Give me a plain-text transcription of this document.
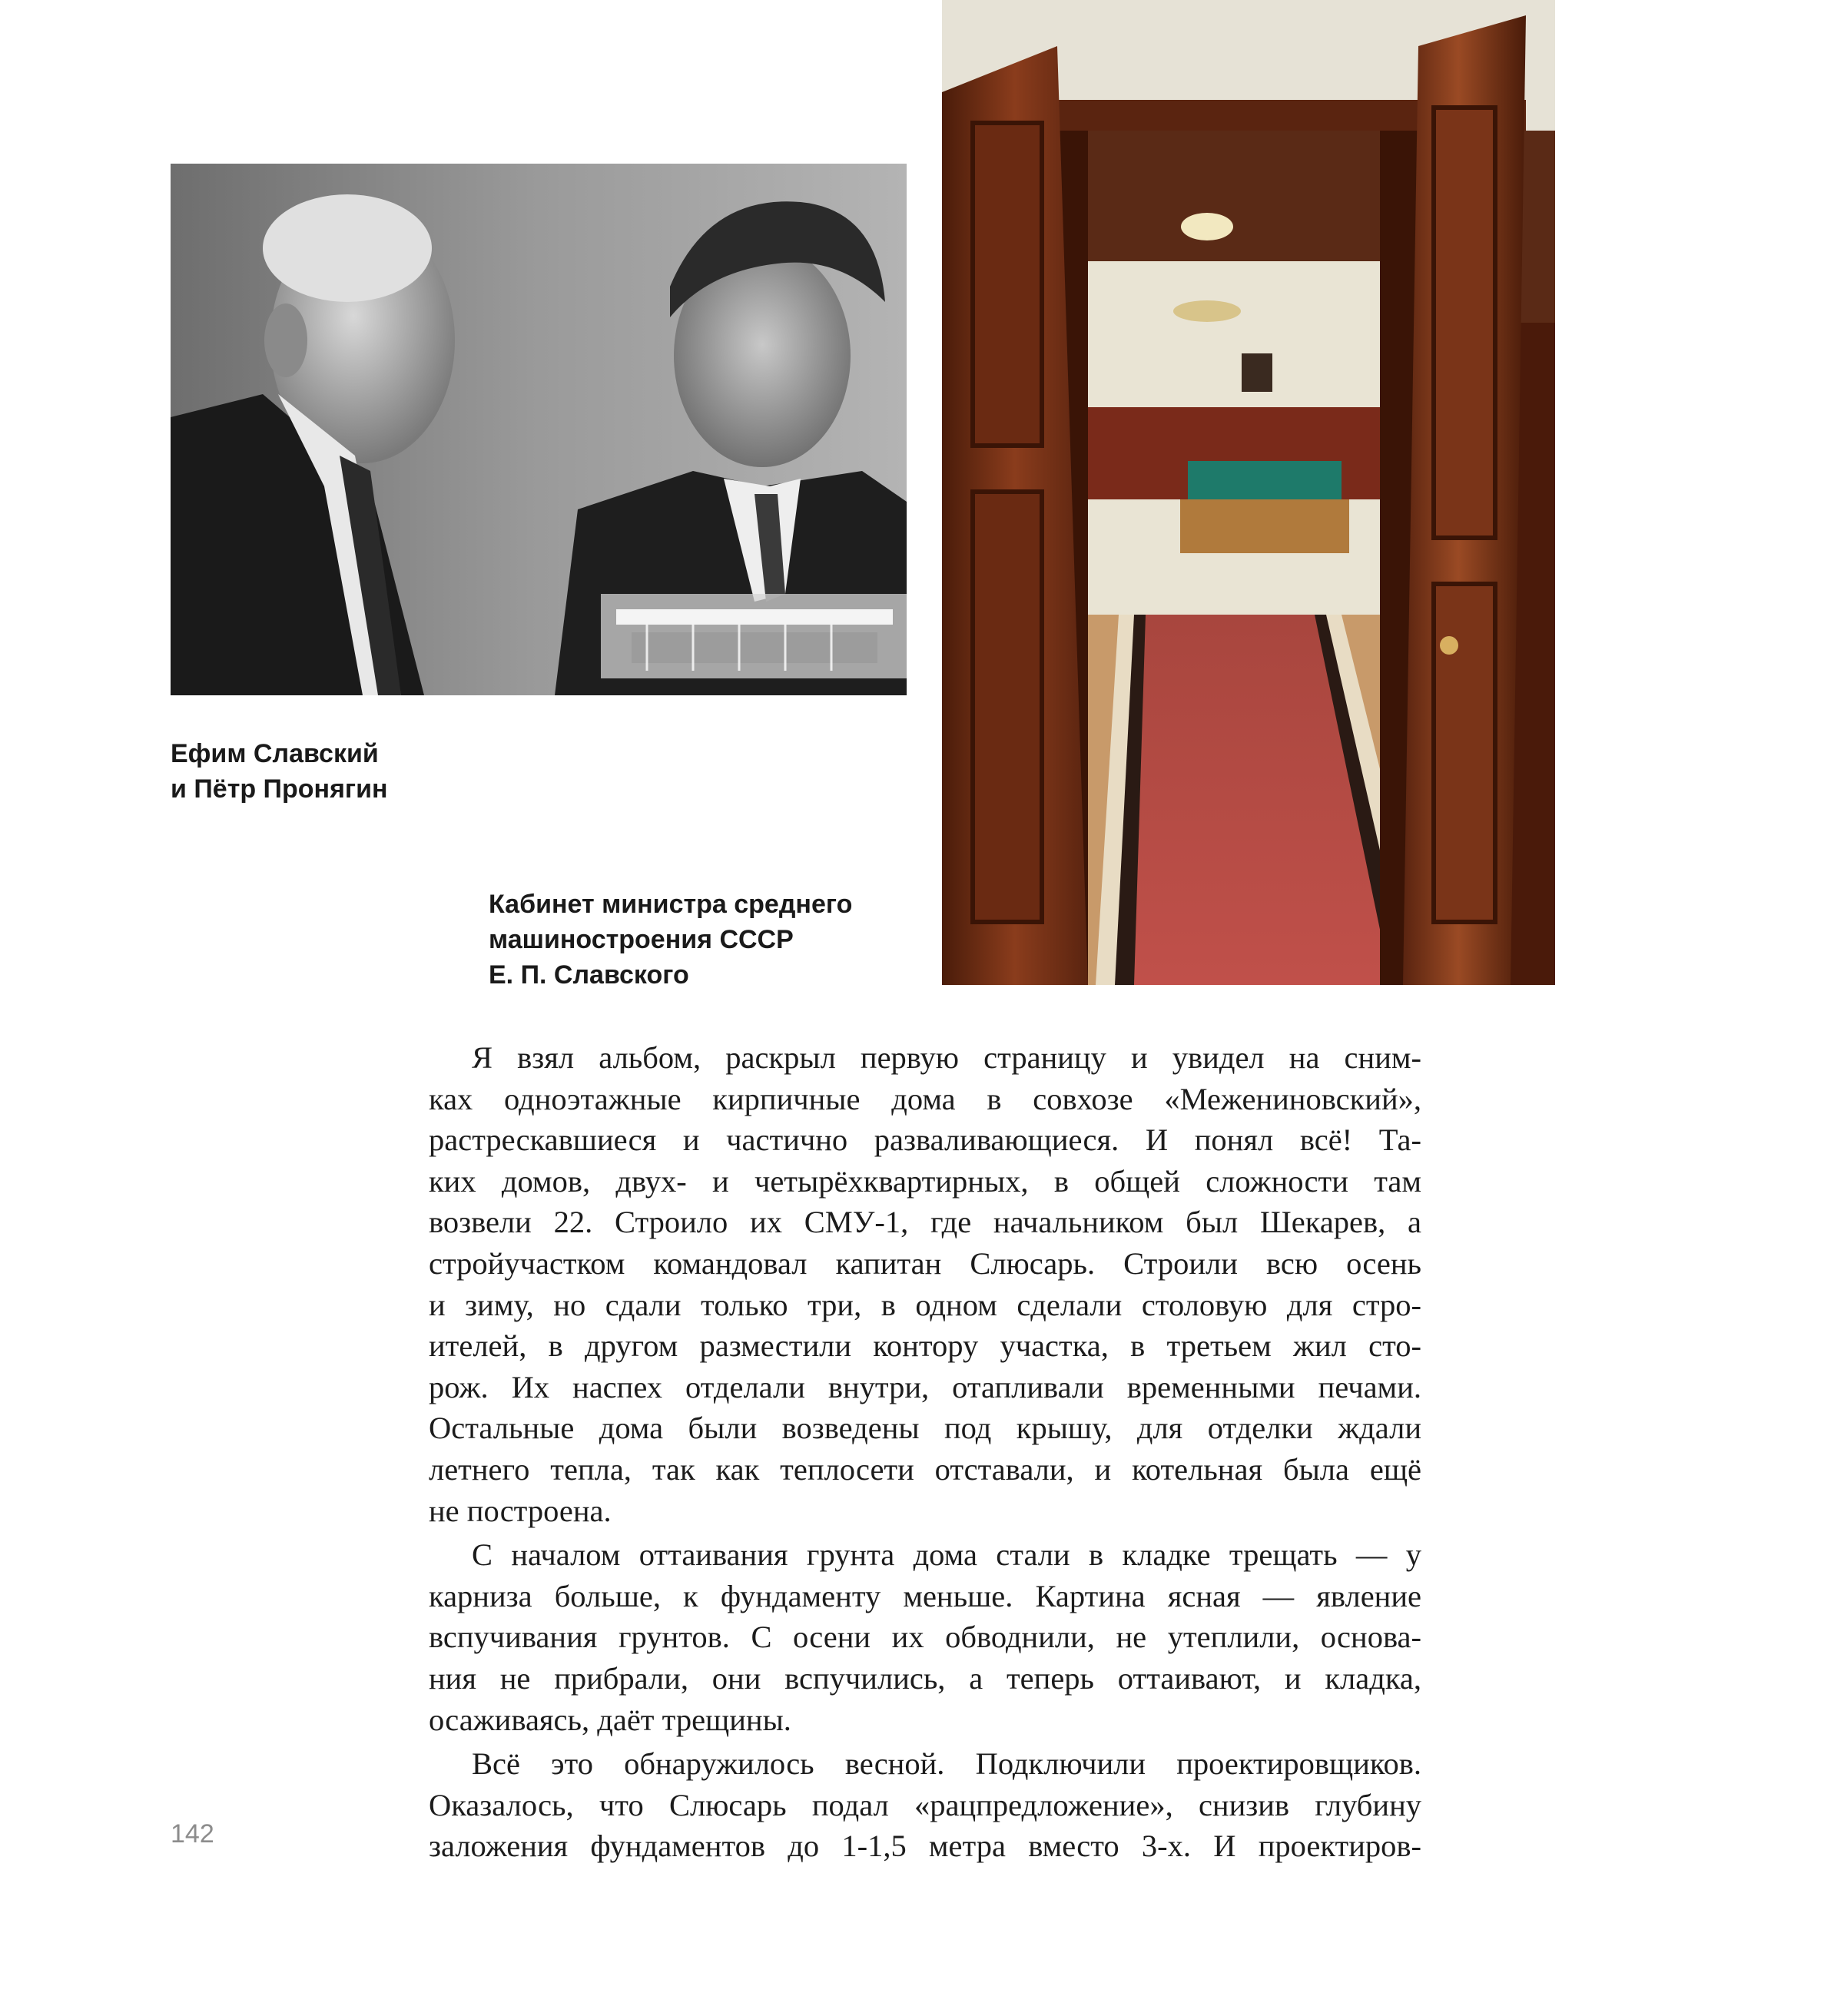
Ефим Славский
и Пётр Пронягин
Кабинет министра среднего
машиностроения СССР
Е. П. Славского

Я взял альбом, раскрыл первую страницу и увидел на сним-
ках одноэтажные кирпичные дома в совхозе «Межениновский»,
растрескавшиеся и частично разваливающиеся. И понял всё! Та-
ких домов, двух- и четырёхквартирных, в общей сложности там
возвели 22. Строило их СМУ-1, где начальником был Шекарев, а
стройучастком командовал капитан Слюсарь. Строили всю осень
и зиму, но сдали только три, в одном сделали столовую для стро-
ителей, в другом разместили контору участка, в третьем жил сто-
рож. Их наспех отделали внутри, отапливали временными печами.
Остальные дома были возведены под крышу, для отделки ждали
летнего тепла, так как теплосети отставали, и котельная была ещё
не построена.

С началом оттаивания грунта дома стали в кладке трещать — у
карниза больше, к фундаменту меньше. Картина ясная — явление
вспучивания грунтов. С осени их обводнили, не утеплили, основа-
ния не прибрали, они вспучились, а теперь оттаивают, и кладка,
осаживаясь, даёт трещины.

Всё это обнаружилось весной. Подключили проектировщиков.
Оказалось, что Слюсарь подал «рацпредложение», снизив глубину
заложения фундаментов до 1-1,5 метра вместо 3-х. И проектиров-

142
